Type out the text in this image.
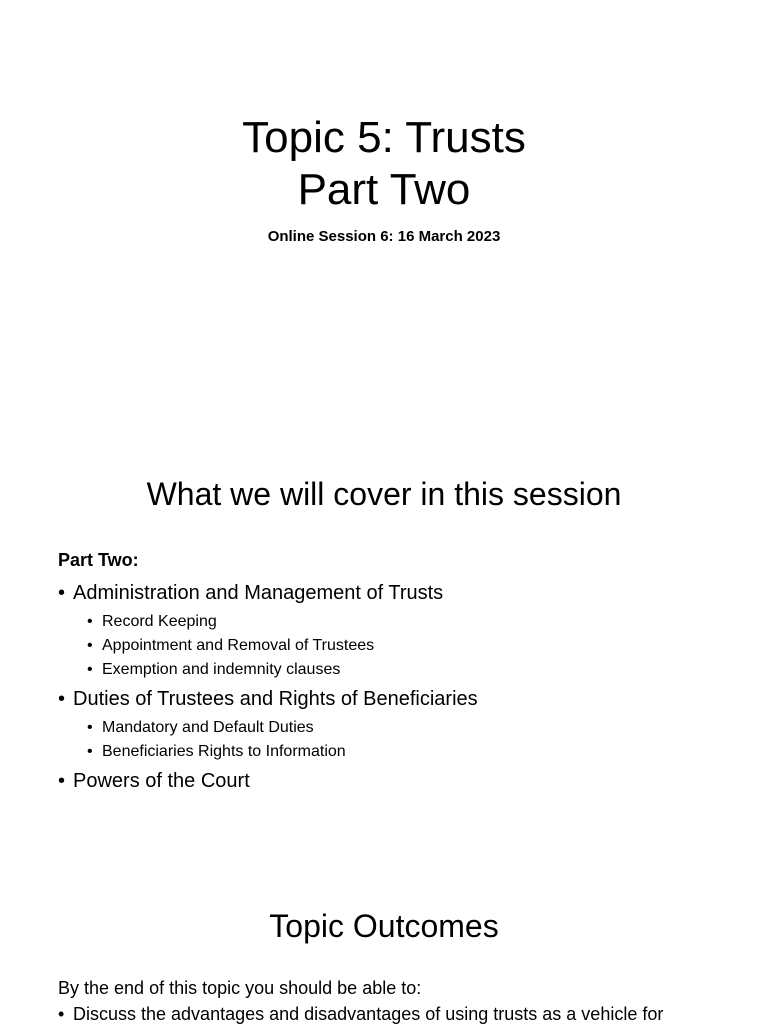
Topic 5: Trusts
Part Two
Online Session 6: 16 March 2023
What we will cover in this session
Part Two:
• Administration and Management of Trusts
• Record Keeping
• Appointment and Removal of Trustees
• Exemption and indemnity clauses
• Duties of Trustees and Rights of Beneficiaries
• Mandatory and Default Duties
• Beneficiaries Rights to Information
• Powers of the Court
Topic Outcomes
By the end of this topic you should be able to:
• Discuss the advantages and disadvantages of using trusts as a vehicle for
